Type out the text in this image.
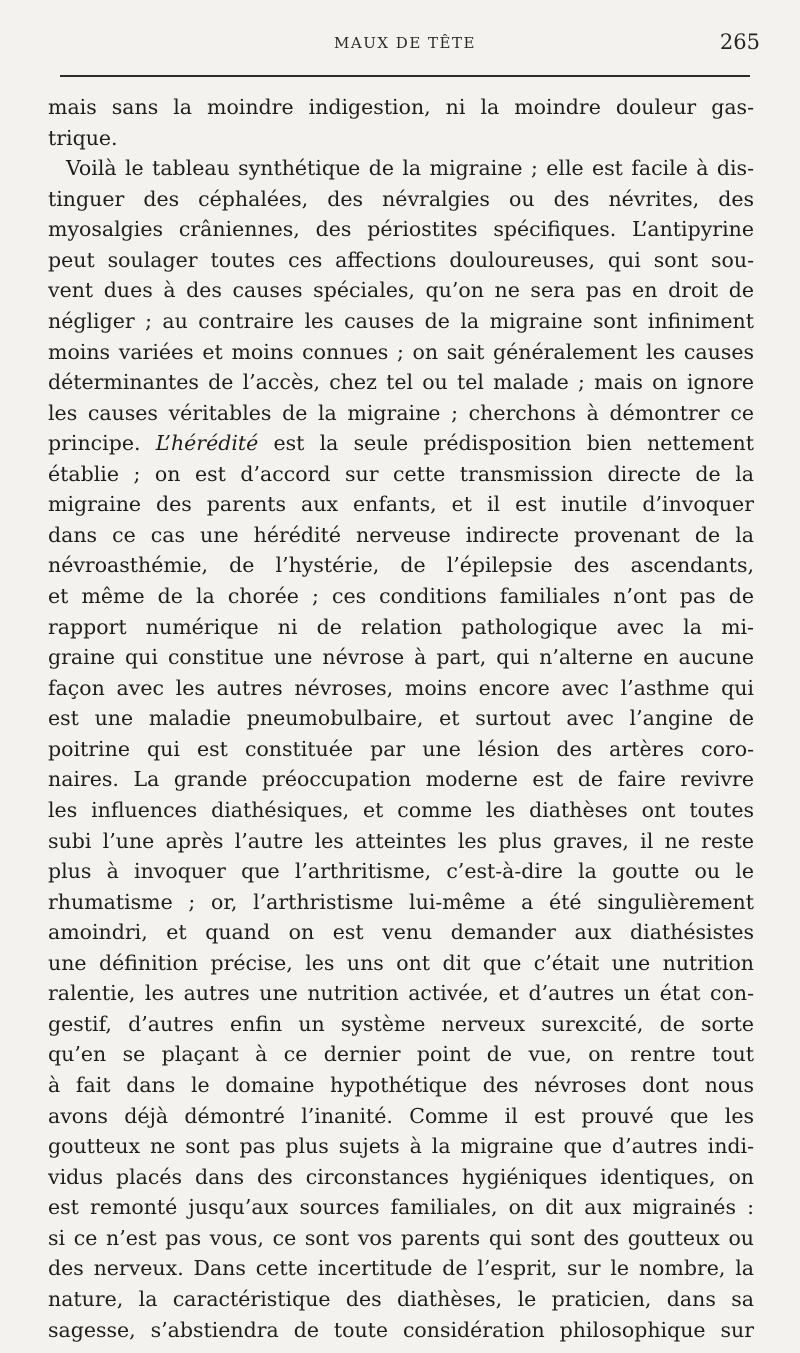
MAUX DE TÊTE	265
mais sans la moindre indigestion, ni la moindre douleur gas-
trique.
Voilà le tableau synthétique de la migraine ; elle est facile à dis-
tinguer des céphalées, des névralgies ou des névrites, des
myosalgies crâniennes, des périostites spécifiques. L’antipyrine
peut soulager toutes ces affections douloureuses, qui sont sou-
vent dues à des causes spéciales, qu’on ne sera pas en droit de
négliger ; au contraire les causes de la migraine sont infiniment
moins variées et moins connues ; on sait généralement les causes
déterminantes de l’accès, chez tel ou tel malade ; mais on ignore
les causes véritables de la migraine ; cherchons à démontrer ce
principe. L’hérédité est la seule prédisposition bien nettement
établie ; on est d’accord sur cette transmission directe de la
migraine des parents aux enfants, et il est inutile d’invoquer
dans ce cas une hérédité nerveuse indirecte provenant de la
névroasthémie, de l’hystérie, de l’épilepsie des ascendants,
et même de la chorée ; ces conditions familiales n’ont pas de
rapport numérique ni de relation pathologique avec la mi-
graine qui constitue une névrose à part, qui n’alterne en aucune
façon avec les autres névroses, moins encore avec l’asthme qui
est une maladie pneumobulbaire, et surtout avec l’angine de
poitrine qui est constituée par une lésion des artères coro-
naires. La grande préoccupation moderne est de faire revivre
les influences diathésiques, et comme les diathèses ont toutes
subi l’une après l’autre les atteintes les plus graves, il ne reste
plus à invoquer que l’arthritisme, c’est-à-dire la goutte ou le
rhumatisme ; or, l’arthristisme lui-même a été singulièrement
amoindri, et quand on est venu demander aux diathésistes
une définition précise, les uns ont dit que c’était une nutrition
ralentie, les autres une nutrition activée, et d’autres un état con-
gestif, d’autres enfin un système nerveux surexcité, de sorte
qu’en se plaçant à ce dernier point de vue, on rentre tout
à fait dans le domaine hypothétique des névroses dont nous
avons déjà démontré l’inanité. Comme il est prouvé que les
goutteux ne sont pas plus sujets à la migraine que d’autres indi-
vidus placés dans des circonstances hygiéniques identiques, on
est remonté jusqu’aux sources familiales, on dit aux migrainés :
si ce n’est pas vous, ce sont vos parents qui sont des goutteux ou
des nerveux. Dans cette incertitude de l’esprit, sur le nombre, la
nature, la caractéristique des diathèses, le praticien, dans sa
sagesse, s’abstiendra de toute considération philosophique sur
